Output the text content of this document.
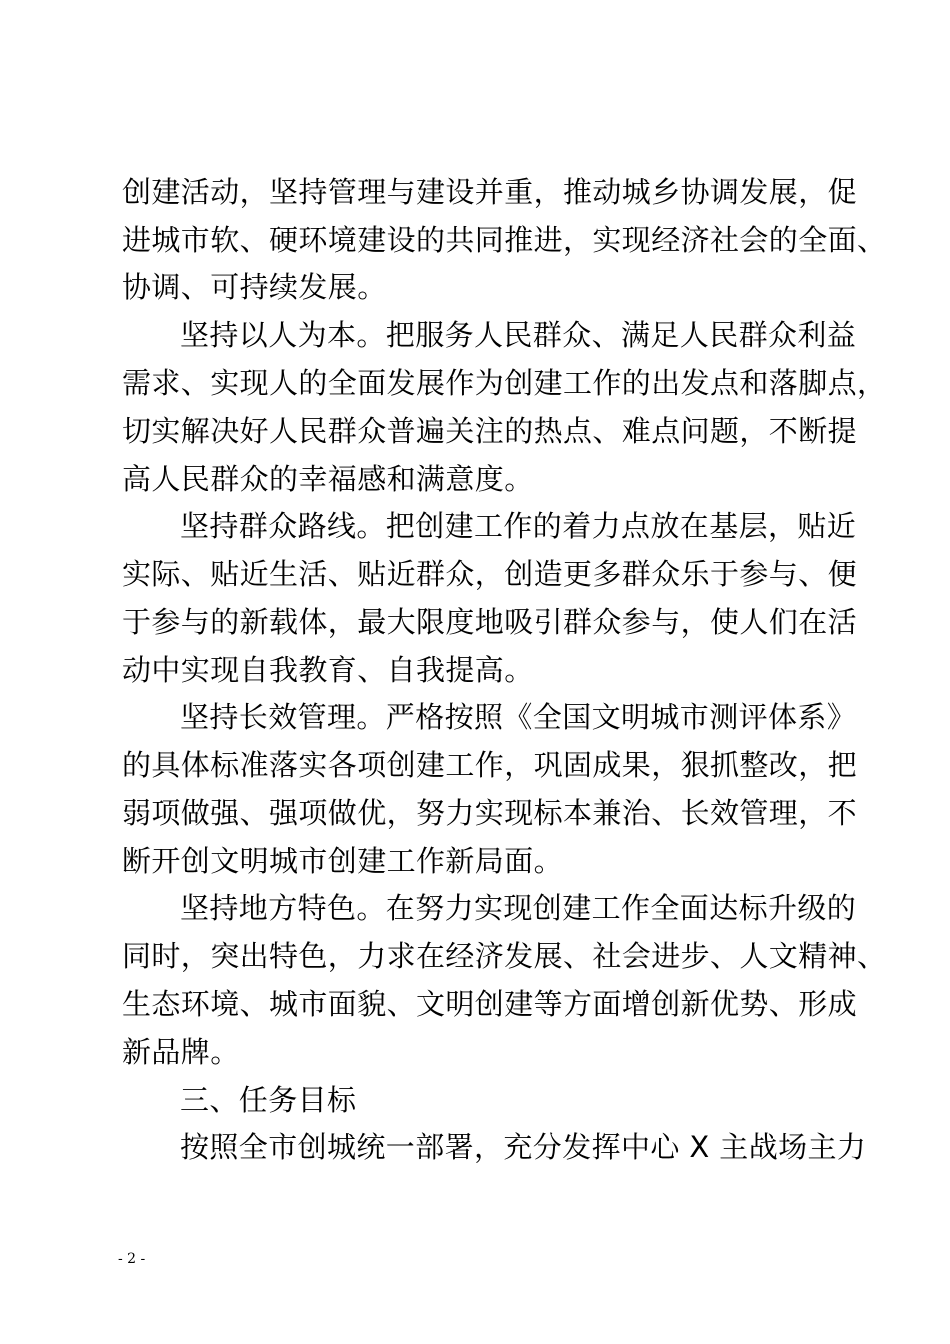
创建活动，坚持管理与建设并重，推动城乡协调发展，促
进城市软、硬环境建设的共同推进，实现经济社会的全面、
协调、可持续发展。
坚持以人为本。把服务人民群众、满足人民群众利益
需求、实现人的全面发展作为创建工作的出发点和落脚点，
切实解决好人民群众普遍关注的热点、难点问题，不断提
高人民群众的幸福感和满意度。
坚持群众路线。把创建工作的着力点放在基层，贴近
实际、贴近生活、贴近群众，创造更多群众乐于参与、便
于参与的新载体，最大限度地吸引群众参与，使人们在活
动中实现自我教育、自我提高。
坚持长效管理。严格按照《全国文明城市测评体系》
的具体标准落实各项创建工作，巩固成果，狠抓整改，把
弱项做强、强项做优，努力实现标本兼治、长效管理，不
断开创文明城市创建工作新局面。
坚持地方特色。在努力实现创建工作全面达标升级的
同时，突出特色，力求在经济发展、社会进步、人文精神、
生态环境、城市面貌、文明创建等方面增创新优势、形成
新品牌。
三、任务目标
按照全市创城统一部署，充分发挥中心 X 主战场主力
- 2 -
